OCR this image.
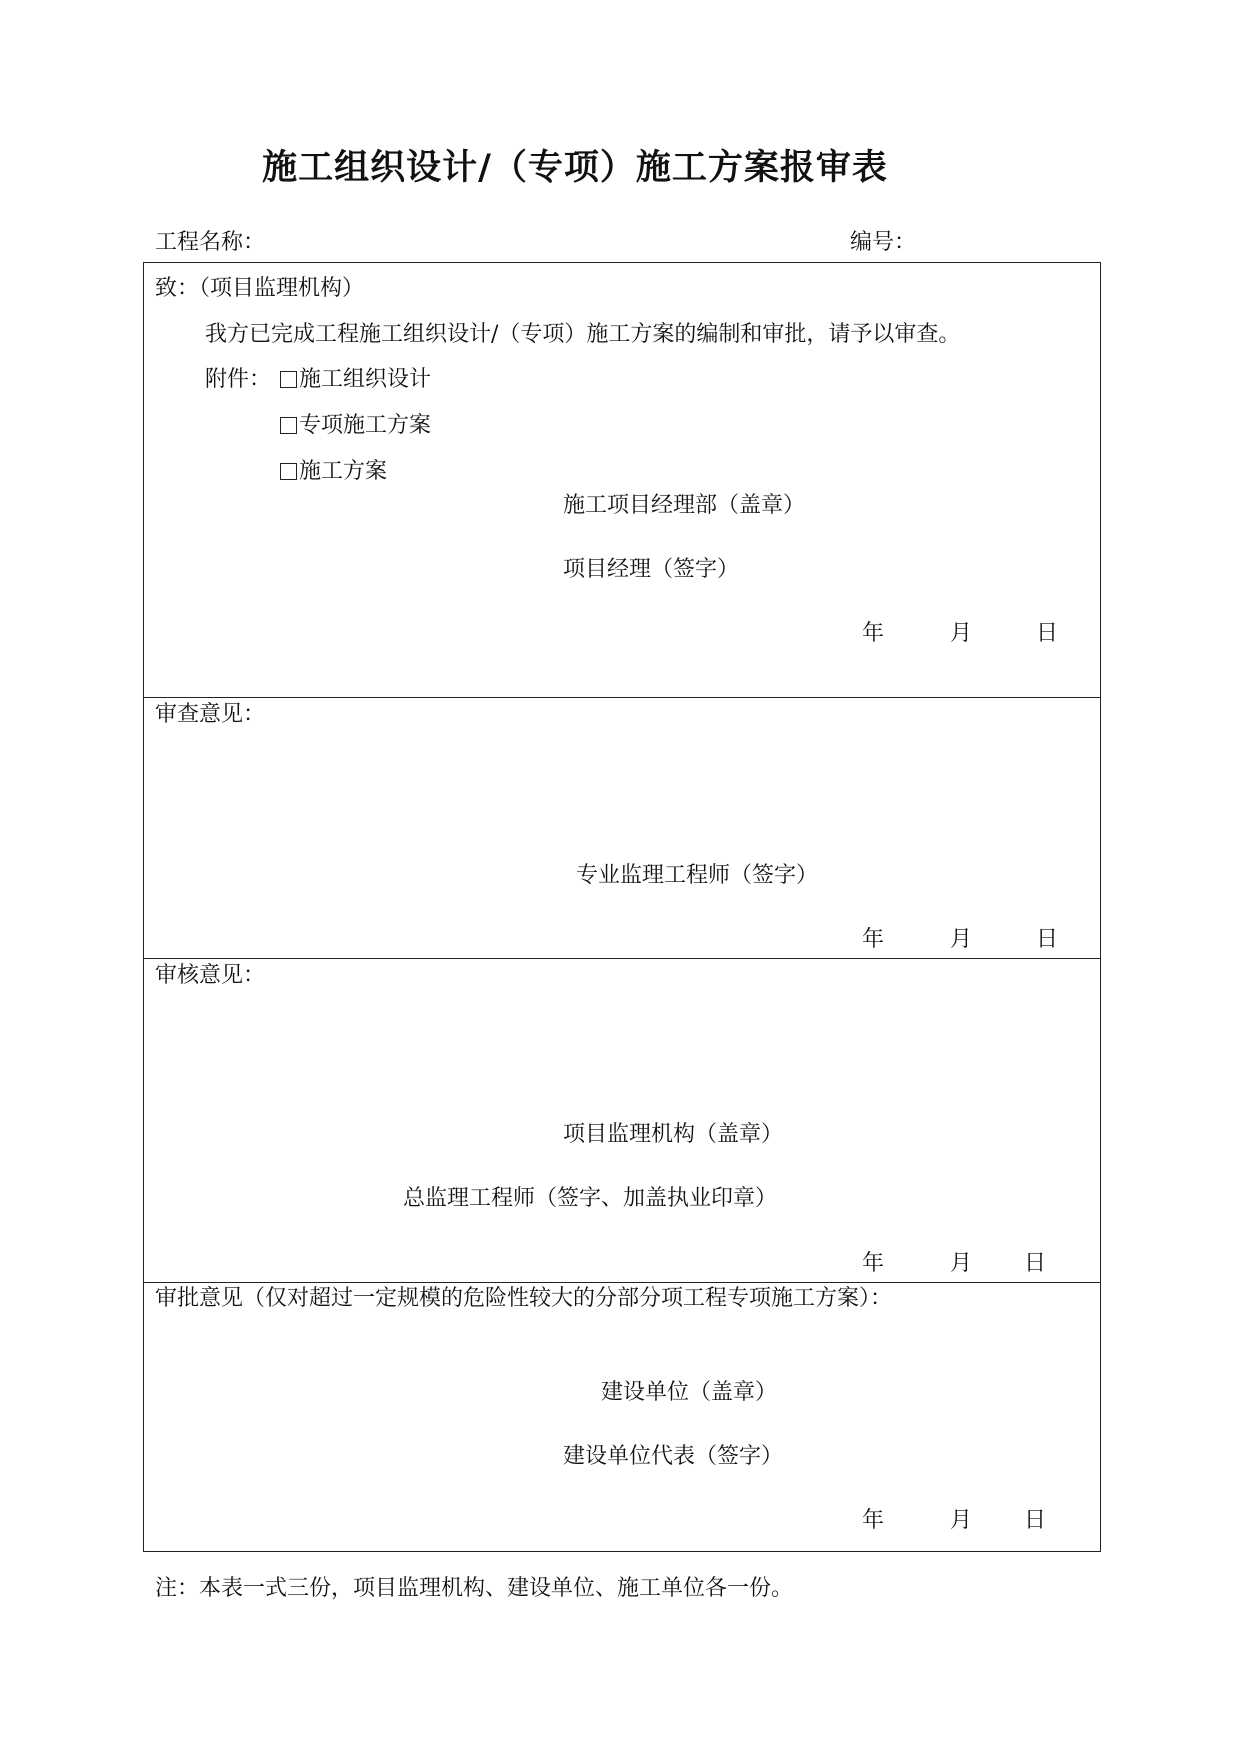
施工组织设计/（专项）施工方案报审表
工程名称：	编号：
致：（项目监理机构）
我方已完成工程施工组织设计/（专项）施工方案的编制和审批，请予以审查。
附件：	施工组织设计
专项施工方案
施工方案
施工项目经理部（盖章）
项目经理（签字）
年	月	日
审查意见：
专业监理工程师（签字）
年	月	日
审核意见：
项目监理机构（盖章）
总监理工程师（签字、加盖执业印章）
年	月 日
审批意见（仅对超过一定规模的危险性较大的分部分项工程专项施工方案）：
建设单位（盖章）
建设单位代表（签字）
年	月 日
注：本表一式三份，项目监理机构、建设单位、施工单位各一份。
